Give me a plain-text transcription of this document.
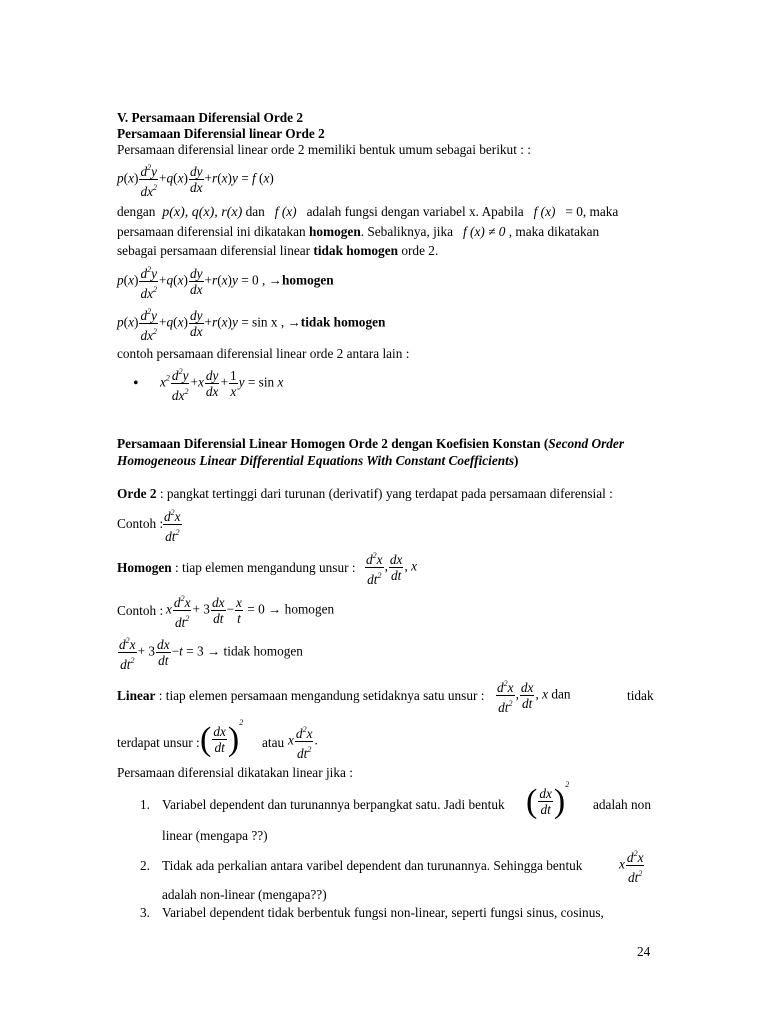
V. Persamaan Diferensial Orde 2
Persamaan Diferensial linear Orde 2
Persamaan diferensial linear orde 2 memiliki bentuk umum sebagai berikut : :
$p(x) \frac{d^2y}{dx^2} +q(x) \frac{dy}{dx} +r(x)y = f$ (x)
dengan  p(x), q(x), r(x) dan   f (x)   adalah fungsi dengan variabel x. Apabila   f (x)   = 0, maka
persamaan diferensial ini dikatakan homogen. Sebaliknya, jika   f (x) ≠ 0 , maka dikatakan
sebagai persamaan diferensial linear tidak homogen orde 2.
$p(x) \frac{d^2y}{dx^2} +q(x) \frac{dy}{dx} +r(x)y = 0$ , →homogen
$p(x) \frac{d^2y}{dx^2} +q(x) \frac{dy}{dx} +r(x)y = \sin x$ , →tidak homogen
contoh persamaan diferensial linear orde 2 antara lain :
• $x^2 \frac{d^2y}{dx^2} +x \frac{dy}{dx} + \frac{1}{x}$ y = sin x
Persamaan Diferensial Linear Homogen Orde 2 dengan Koefisien Konstan (Second Order
Homogeneous Linear Differential Equations With Constant Coefficients)
Orde 2 : pangkat tertinggi dari turunan (derivatif) yang terdapat pada persamaan diferensial :
Contoh : $\frac{d^2x}{dt^2}$
Homogen : tiap elemen mengandung unsur : $\frac{d^2x}{dt^2}$ , $\frac{dx}{dt}$ , x
Contoh : x $\frac{d^2x}{dt^2} + 3 \frac{dx}{dt} - \frac{x}{t} = 0$ → homogen
$\frac{d^2x}{dt^2} + 3 \frac{dx}{dt} -t = 3$ → tidak homogen
Linear : tiap elemen persamaan mengandung setidaknya satu unsur : $\frac{d^2x}{dt^2}$ , $\frac{dx}{dt}$ , x dan	tidak
terdapat unsur : ( $\frac{dx}{dt}$ ) $^2$
atau x $\frac{d^2x}{dt^2}$ .
Persamaan diferensial dikatakan linear jika :
1. Variabel dependent dan turunannya berpangkat satu. Jadi bentuk ( $\frac{dx}{dt}$ ) $^2$
adalah non
linear (mengapa ??)
2. Tidak ada perkalian antara varibel dependent dan turunannya. Sehingga bentuk	x $\frac{d^2x}{dt^2}$
adalah non-linear (mengapa??)
3. Variabel dependent tidak berbentuk fungsi non-linear, seperti fungsi sinus, cosinus,
24
